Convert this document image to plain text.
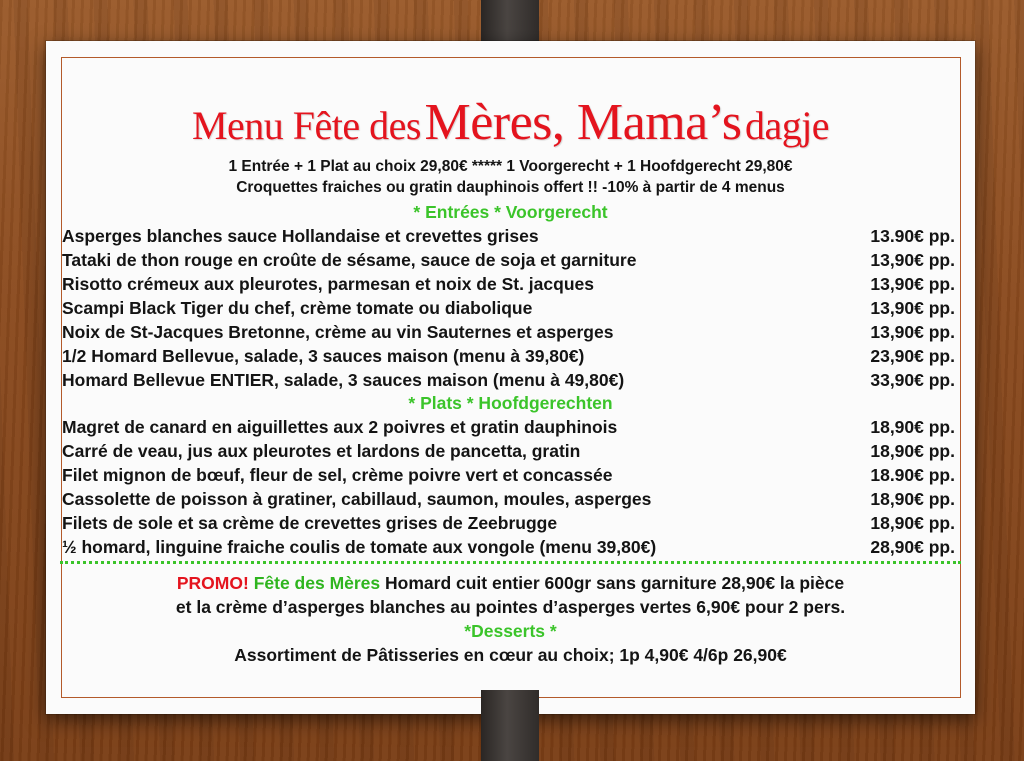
Menu Fête des Mères, Mama’s dagje
1 Entrée + 1 Plat au choix 29,80€ ***** 1 Voorgerecht + 1 Hoofdgerecht 29,80€
Croquettes fraiches ou gratin dauphinois offert !! -10% à partir de 4 menus
* Entrées * Voorgerecht
Asperges blanches sauce Hollandaise et crevettes grises	13.90€ pp.
Tataki de thon rouge en croûte de sésame, sauce de soja et garniture	13,90€ pp.
Risotto crémeux aux pleurotes, parmesan et noix de St. jacques	13,90€ pp.
Scampi Black Tiger du chef, crème tomate ou diabolique	13,90€ pp.
Noix de St-Jacques Bretonne, crème au vin Sauternes et asperges	13,90€ pp.
1/2 Homard Bellevue, salade, 3 sauces maison (menu à 39,80€)	23,90€ pp.
Homard Bellevue ENTIER, salade, 3 sauces maison (menu à 49,80€)	33,90€ pp.
* Plats * Hoofdgerechten
Magret de canard en aiguillettes aux 2 poivres et gratin dauphinois	18,90€ pp.
Carré de veau, jus aux pleurotes et lardons de pancetta, gratin	18,90€ pp.
Filet mignon de bœuf, fleur de sel, crème poivre vert et concassée	18.90€ pp.
Cassolette de poisson à gratiner, cabillaud, saumon, moules, asperges	18,90€ pp.
Filets de sole et sa crème de crevettes grises de Zeebrugge	18,90€ pp.
½ homard, linguine fraiche coulis de tomate aux vongole (menu 39,80€)	28,90€ pp.
PROMO! Fête des Mères Homard cuit entier 600gr sans garniture 28,90€ la pièce
et la crème d’asperges blanches au pointes d’asperges vertes 6,90€ pour 2 pers.
*Desserts *
Assortiment de Pâtisseries en cœur au choix; 1p 4,90€ 4/6p 26,90€
